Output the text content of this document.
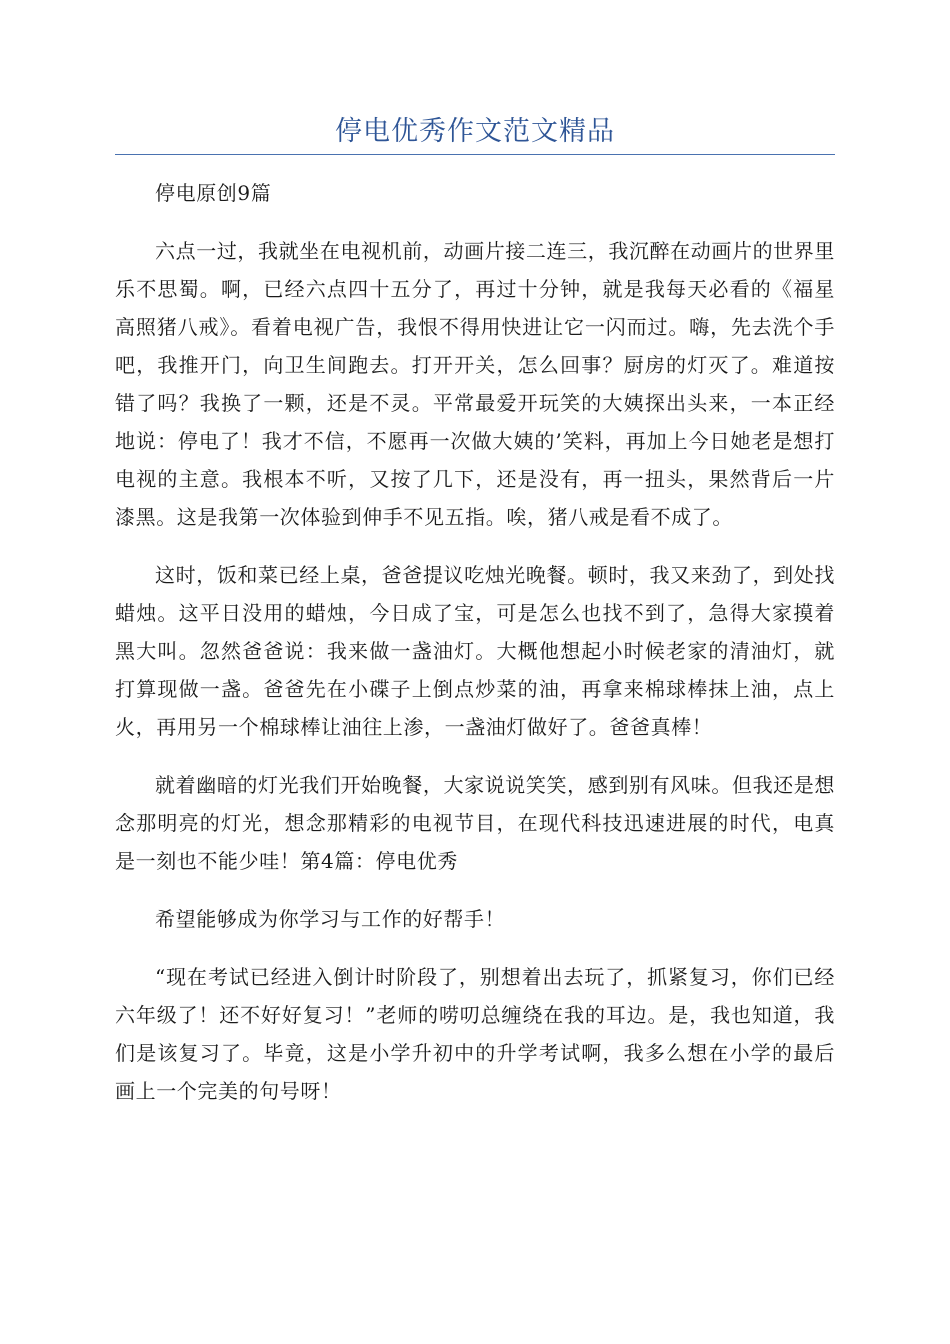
停电优秀作文范文精品

停电原创9篇

六点一过，我就坐在电视机前，动画片接二连三，我沉醉在动画片的世界里乐不思蜀。啊，已经六点四十五分了，再过十分钟，就是我每天必看的《福星高照猪八戒》。看着电视广告，我恨不得用快进让它一闪而过。嗨，先去洗个手吧，我推开门，向卫生间跑去。打开开关，怎么回事？厨房的灯灭了。难道按错了吗？我换了一颗，还是不灵。平常最爱开玩笑的大姨探出头来，一本正经地说：停电了！我才不信，不愿再一次做大姨的’笑料，再加上今日她老是想打电视的主意。我根本不听，又按了几下，还是没有，再一扭头，果然背后一片漆黑。这是我第一次体验到伸手不见五指。唉，猪八戒是看不成了。

这时，饭和菜已经上桌，爸爸提议吃烛光晚餐。顿时，我又来劲了，到处找蜡烛。这平日没用的蜡烛，今日成了宝，可是怎么也找不到了，急得大家摸着黑大叫。忽然爸爸说：我来做一盏油灯。大概他想起小时候老家的清油灯，就打算现做一盏。爸爸先在小碟子上倒点炒菜的油，再拿来棉球棒抹上油，点上火，再用另一个棉球棒让油往上渗，一盏油灯做好了。爸爸真棒！

就着幽暗的灯光我们开始晚餐，大家说说笑笑，感到别有风味。但我还是想念那明亮的灯光，想念那精彩的电视节目，在现代科技迅速进展的时代，电真是一刻也不能少哇！第4篇：停电优秀

希望能够成为你学习与工作的好帮手！

“现在考试已经进入倒计时阶段了，别想着出去玩了，抓紧复习，你们已经六年级了！还不好好复习！”老师的唠叨总缠绕在我的耳边。是，我也知道，我们是该复习了。毕竟，这是小学升初中的升学考试啊，我多么想在小学的最后画上一个完美的句号呀！
